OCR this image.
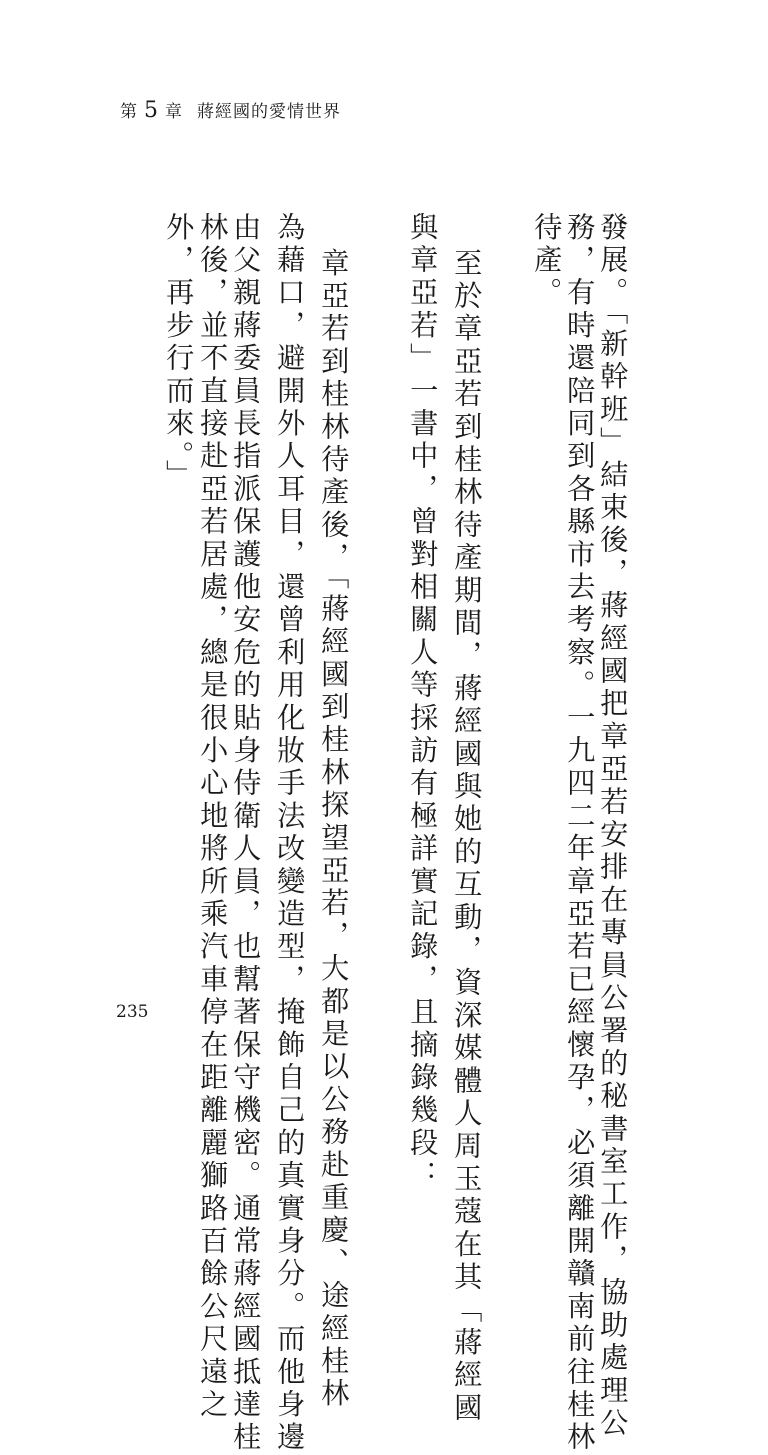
第 5 章 蔣經國的愛情世界
發展。「新幹班」結束後，蔣經國把章亞若安排在專員公署的秘書室工作，協助處理公
務，有時還陪同到各縣市去考察。一九四二年章亞若已經懷孕，必須離開贛南前往桂林
待產。
至於章亞若到桂林待產期間，蔣經國與她的互動，資深媒體人周玉蔻在其「蔣經國
與章亞若」一書中，曾對相關人等採訪有極詳實記錄，且摘錄幾段：
章亞若到桂林待產後，「蔣經國到桂林探望亞若，大都是以公務赴重慶、途經桂林
為藉口，避開外人耳目，還曾利用化妝手法改變造型，掩飾自己的真實身分。而他身邊
由父親蔣委員長指派保護他安危的貼身侍衛人員，也幫著保守機密。通常蔣經國抵達桂
林後，並不直接赴亞若居處，總是很小心地將所乘汽車停在距離麗獅路百餘公尺遠之
外，再步行而來。」
235
